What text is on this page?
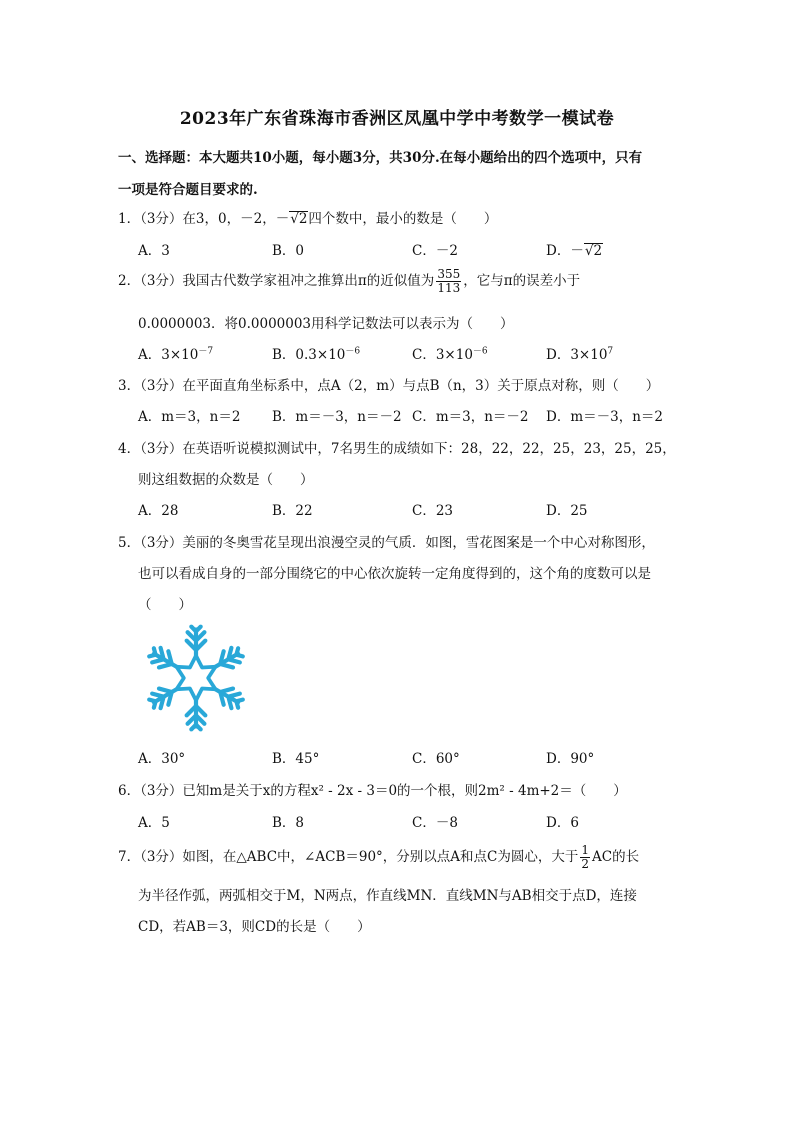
2023年广东省珠海市香洲区凤凰中学中考数学一模试卷
一、选择题：本大题共10小题，每小题3分，共30分.在每小题给出的四个选项中，只有
一项是符合题目要求的.
1．（3分）在3，0，－2，－√2四个数中，最小的数是（　　）
A．3	B．0	C．－2	D．－√2
2．（3分）我国古代数学家祖冲之推算出π的近似值为 $\frac{355}{113}$ ，它与π的误差小于
0.0000003．将0.0000003用科学记数法可以表示为（　　）
A．$3\times 10^{-7}$	B．$0.3\times 10^{-6}$	C．$3\times 10^{-6}$	D．$3\times 10^7$
3．（3分）在平面直角坐标系中，点A（2，m）与点B（n，3）关于原点对称，则（　　）
A．m＝3，n＝2 B．m＝－3，n＝－2 C．m＝3，n＝－2 D．m＝－3，n＝2
4．（3分）在英语听说模拟测试中，7名男生的成绩如下：28，22，22，25，23，25，25，
则这组数据的众数是（　　）
A．28	B．22	C．23	D．25
5．（3分）美丽的冬奥雪花呈现出浪漫空灵的气质．如图，雪花图案是一个中心对称图形，
也可以看成自身的一部分围绕它的中心依次旋转一定角度得到的，这个角的度数可以是
（　　）
A．30°	B．45°	C．60°	D．90°
6．（3分）已知m是关于x的方程x² - 2x - 3＝0的一个根，则2m² - 4m+2＝（　　）
A．5	B．8	C．－8	D．6
7．（3分）如图，在△ABC中，∠ACB＝90°，分别以点A和点C为圆心，大于 $\frac{1}{2}$ AC的长
为半径作弧，两弧相交于M，N两点，作直线MN．直线MN与AB相交于点D，连接
CD，若AB＝3，则CD的长是（　　）
